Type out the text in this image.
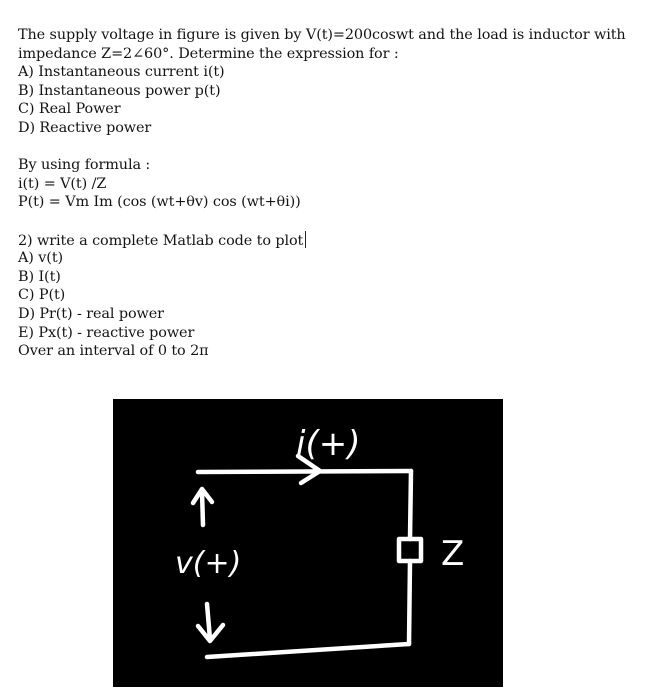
The supply voltage in figure is given by V(t)=200coswt and the load is inductor with
impedance Z=2∠60°. Determine the expression for :
A) Instantaneous current i(t)
B) Instantaneous power p(t)
C) Real Power
D) Reactive power
By using formula :
i(t) = V(t) /Z
P(t) = Vm Im (cos (wt+θv) cos (wt+θi))
2) write a complete Matlab code to plot
A) v(t)
B) I(t)
C) P(t)
D) Pr(t) - real power
E) Px(t) - reactive power
Over an interval of 0 to 2π
i(+)
v(+)	Z
